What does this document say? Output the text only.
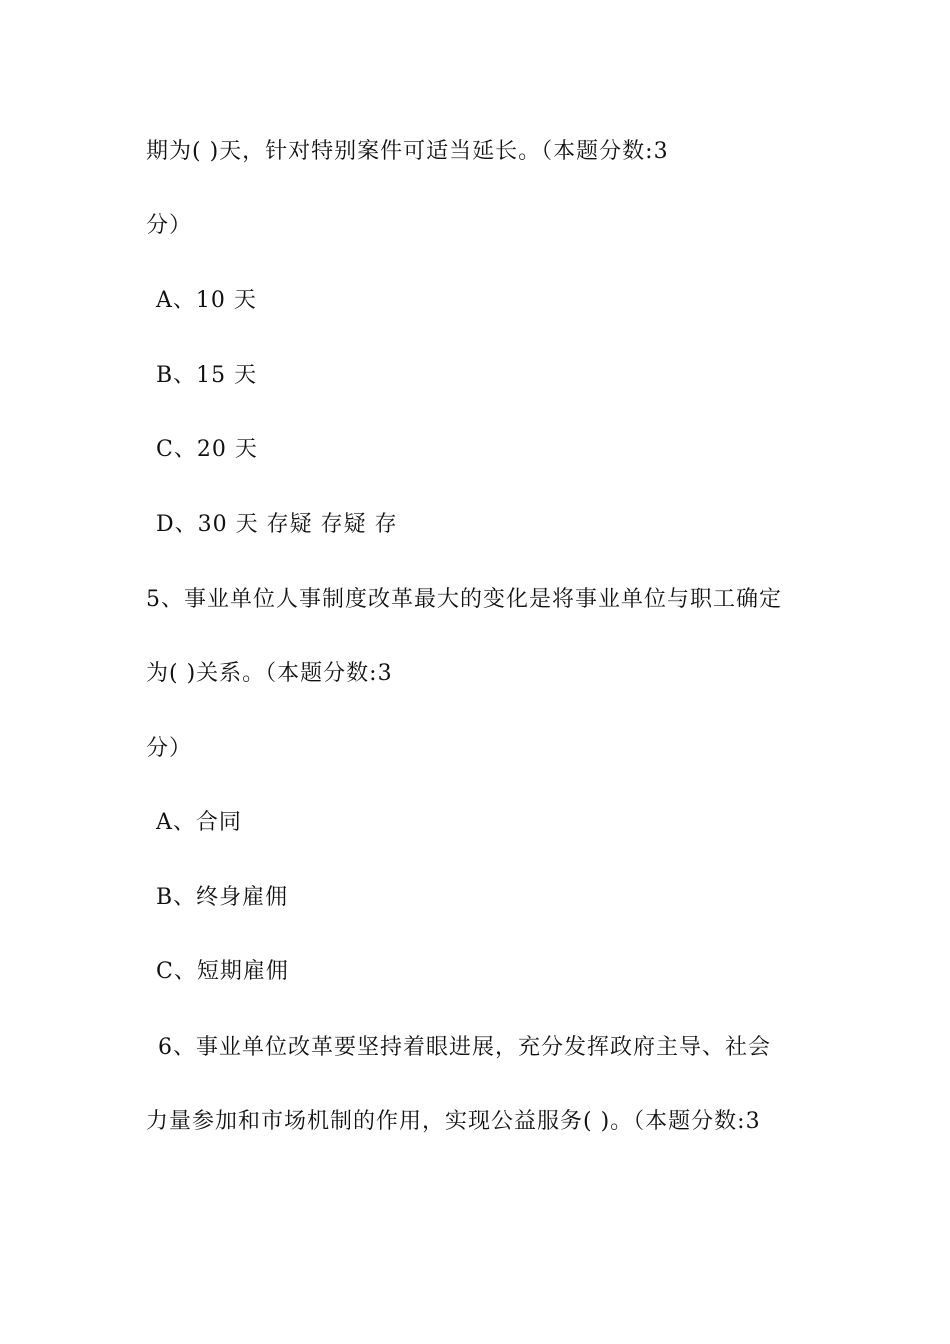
期为( )天，针对特别案件可适当延长。（本题分数:3
分）
A、10 天
B、15 天
C、20 天
D、30 天 存疑 存疑 存
5、事业单位人事制度改革最大的变化是将事业单位与职工确定
为( )关系。（本题分数:3
分）
A、合同
B、终身雇佣
C、短期雇佣
6、事业单位改革要坚持着眼进展，充分发挥政府主导、社会
力量参加和市场机制的作用，实现公益服务( )。（本题分数:3
